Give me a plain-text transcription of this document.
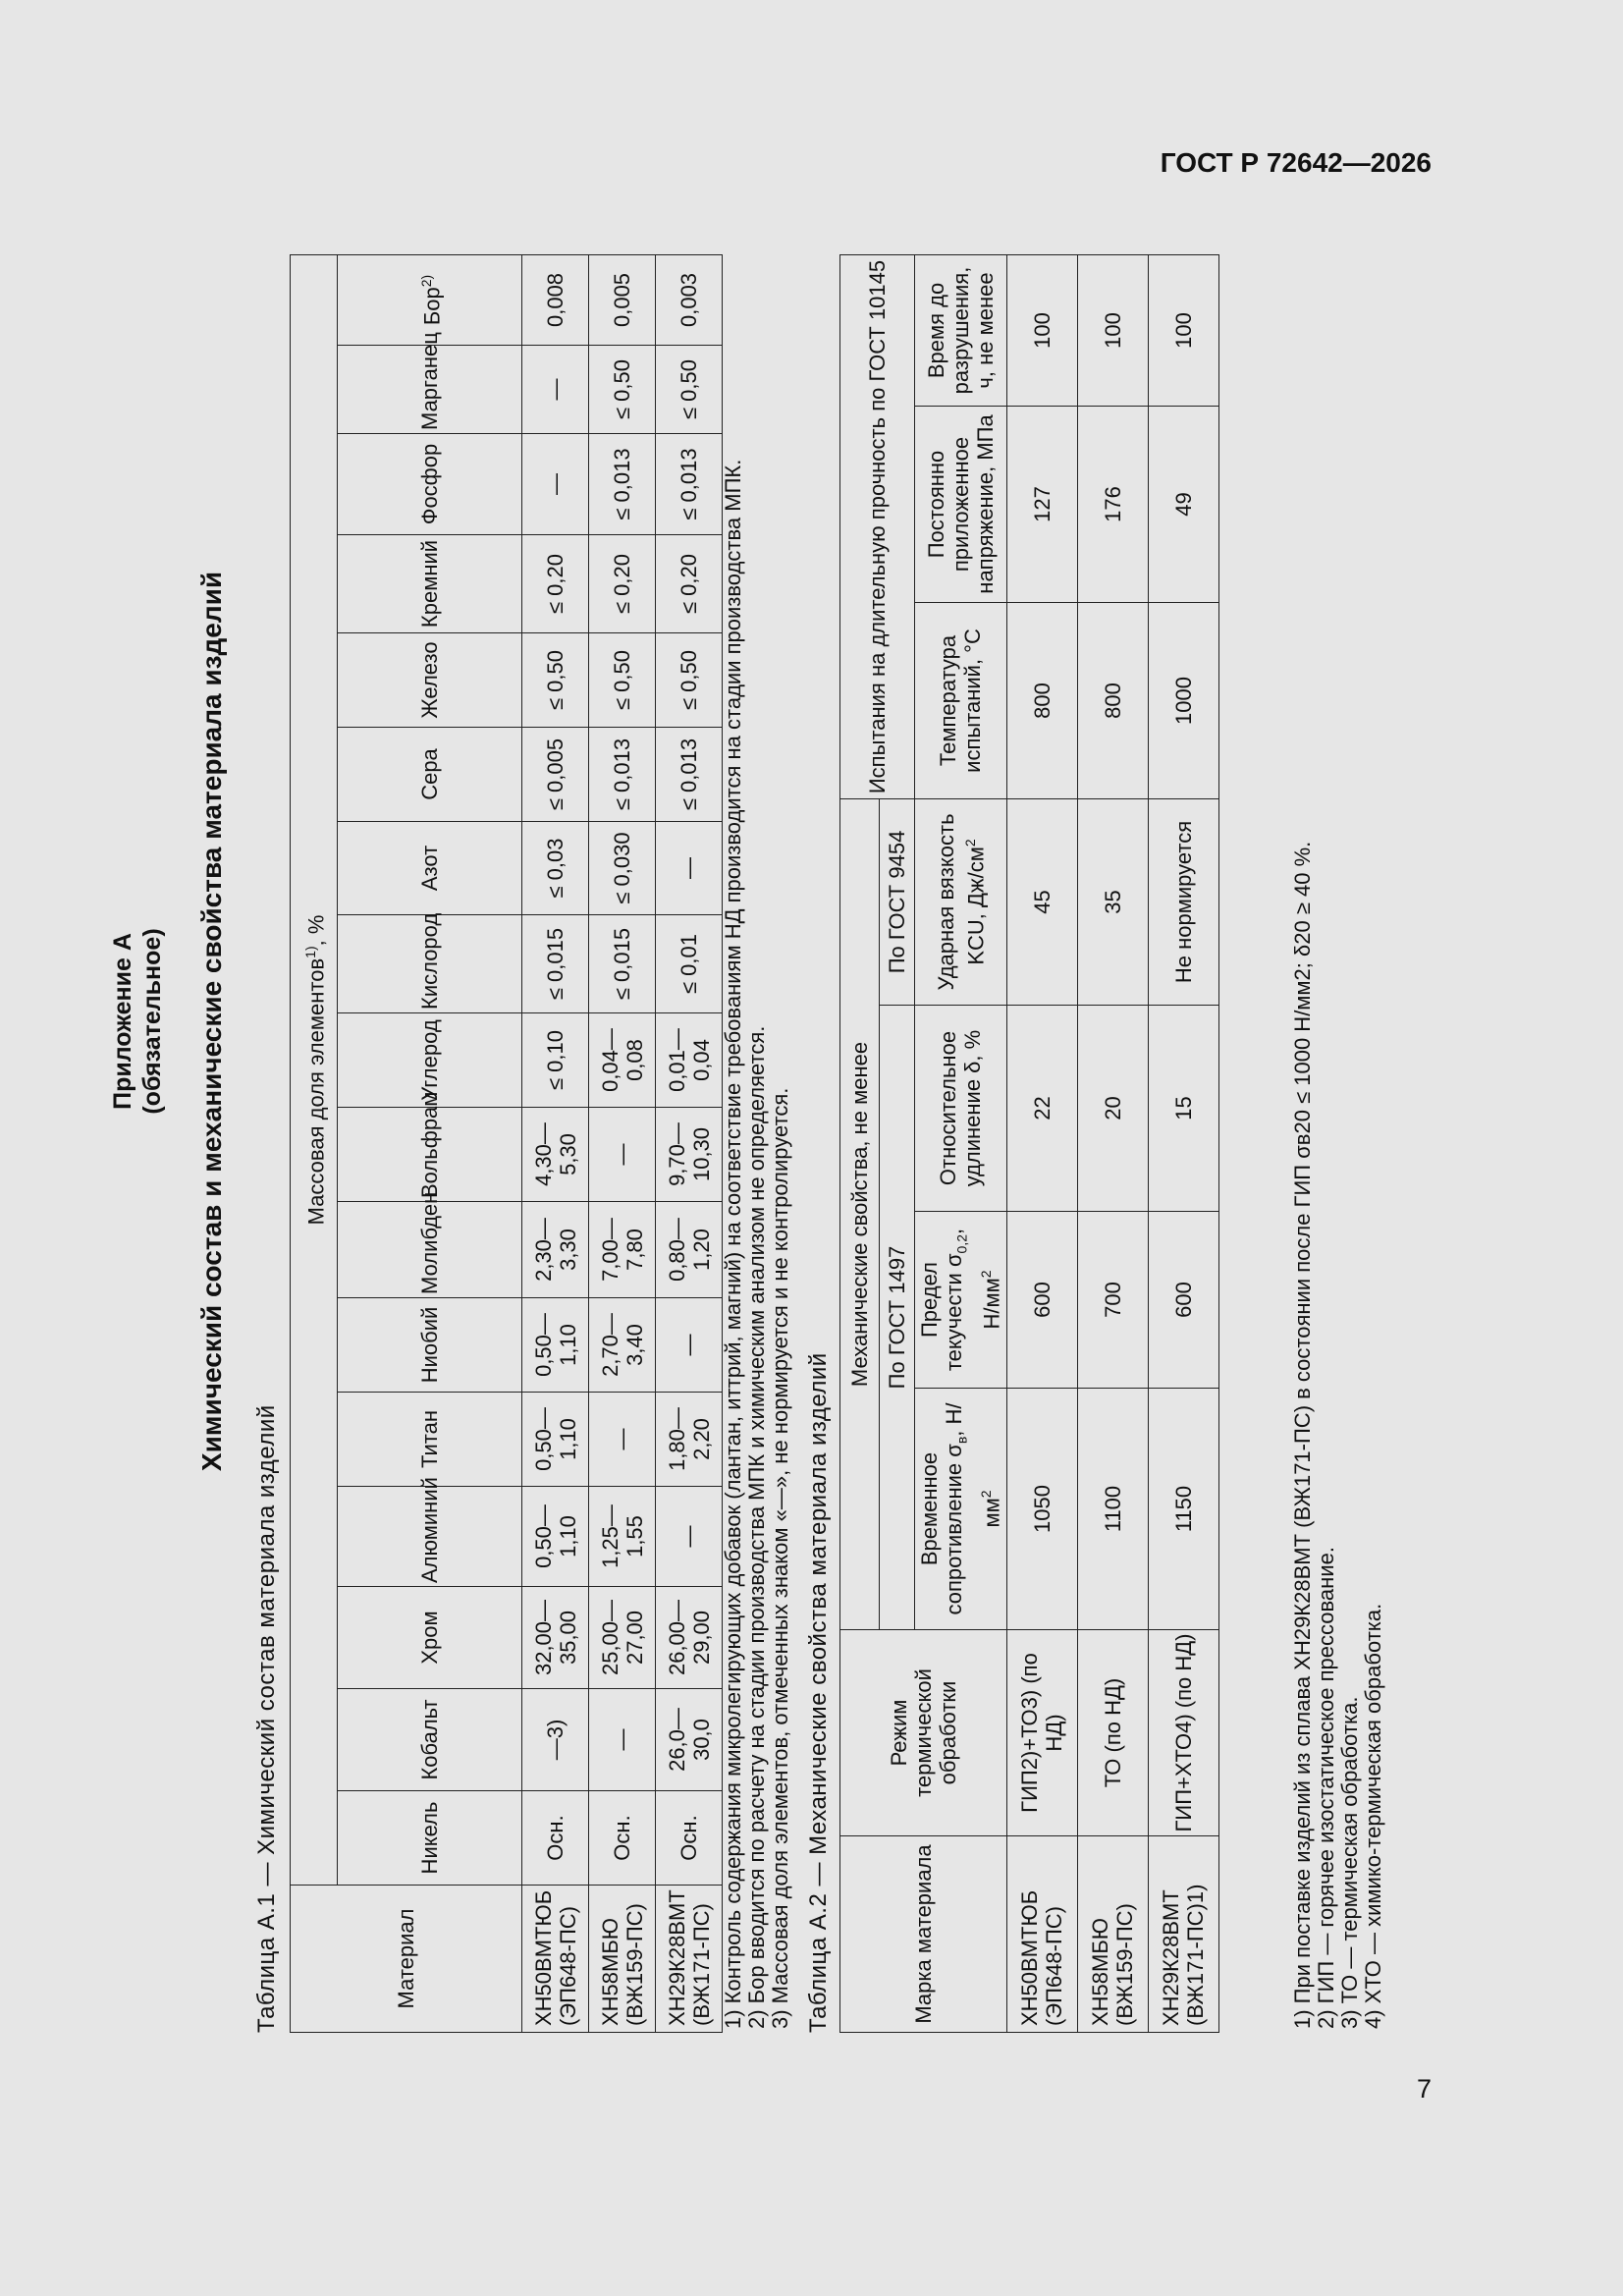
ГОСТ Р 72642—2026
7
Приложение А (обязательное) Химический состав и механические свойства материала изделий
Таблица А.1 — Химический состав материала изделий	Материал	Массовая доля элементов$^{1)}$, %																
	Никель	Кобальт	Хром	Алюминий	Титан	Ниобий	Молибден	Вольфрам	Углерод	Кислород	Азот	Сера	Железо	Кремний	Фосфор	Марганец	Бор$^{2)}$
ХН50ВМТЮБ (ЭП648-ПС)	Осн.	—3)	32,00—35,00	0,50—1,10	0,50—1,10	0,50—1,10	2,30—3,30	4,30—5,30	≤ 0,10	≤ 0,015	≤ 0,03	≤ 0,005	≤ 0,50	≤ 0,20	—	—	0,008
ХН58МБЮ (ВЖ159-ПС)	Осн.	—	25,00—27,00	1,25—1,55	—	2,70—3,40	7,00—7,80	—	0,04—0,08	≤ 0,015	≤ 0,030	≤ 0,013	≤ 0,50	≤ 0,20	≤ 0,013	≤ 0,50	0,005
ХН29К28ВМТ (ВЖ171-ПС)	Осн.	26,0—30,0	26,00—29,00	—	1,80—2,20	—	0,80—1,20	9,70—10,30	0,01—0,04	≤ 0,01	—	≤ 0,013	≤ 0,50	≤ 0,20	≤ 0,013	≤ 0,50	0,003
1) Контроль содержания микролегирующих добавок (лантан, иттрий, магний) на соответствие требованиям НД производится на стадии производства МПК. 2) Бор вводится по расчету на стадии производства МПК и химическим анализом не определяется. 3) Массовая доля элементов, отмеченных знаком «—», не нормируется и не контролируется. Таблица А.2 — Механические свойства материала изделий	Марка материала	Режим термической обработки	Механические свойства, не менее				Испытания на длительную прочность по ГОСТ 10145		
		По ГОСТ 1497			По ГОСТ 9454			
		Временное сопротивление $\sigma_в$, $Н/мм^2$	Предел текучести $\sigma_{0,2}$, $Н/мм^2$	Относительное удлинение δ, %	Ударная вязкость KCU, $Дж/см^2$	Температура испытаний, °С	Постоянно приложенное напряжение, МПа	Время до разрушения, ч, не менее
ХН50ВМТЮБ (ЭП648-ПС)	ГИП2)+ТО3) (по НД)	1050	600	22	45	800	127	100
ХН58МБЮ (ВЖ159-ПС)	ТО (по НД)	1100	700	20	35	800	176	100
ХН29К28ВМТ (ВЖ171-ПС)1)	ГИП+ХТО4) (по НД)	1150	600	15	Не нормируется	1000	49	100
1) При поставке изделий из сплава ХН29К28ВМТ (ВЖ171-ПС) в состоянии после ГИП σв20 ≤ 1000 Н/мм2; δ20 ≥ 40 %. 2) ГИП — горячее изостатическое прессование. 3) ТО — термическая обработка. 4) ХТО — химико-термическая обработка.
